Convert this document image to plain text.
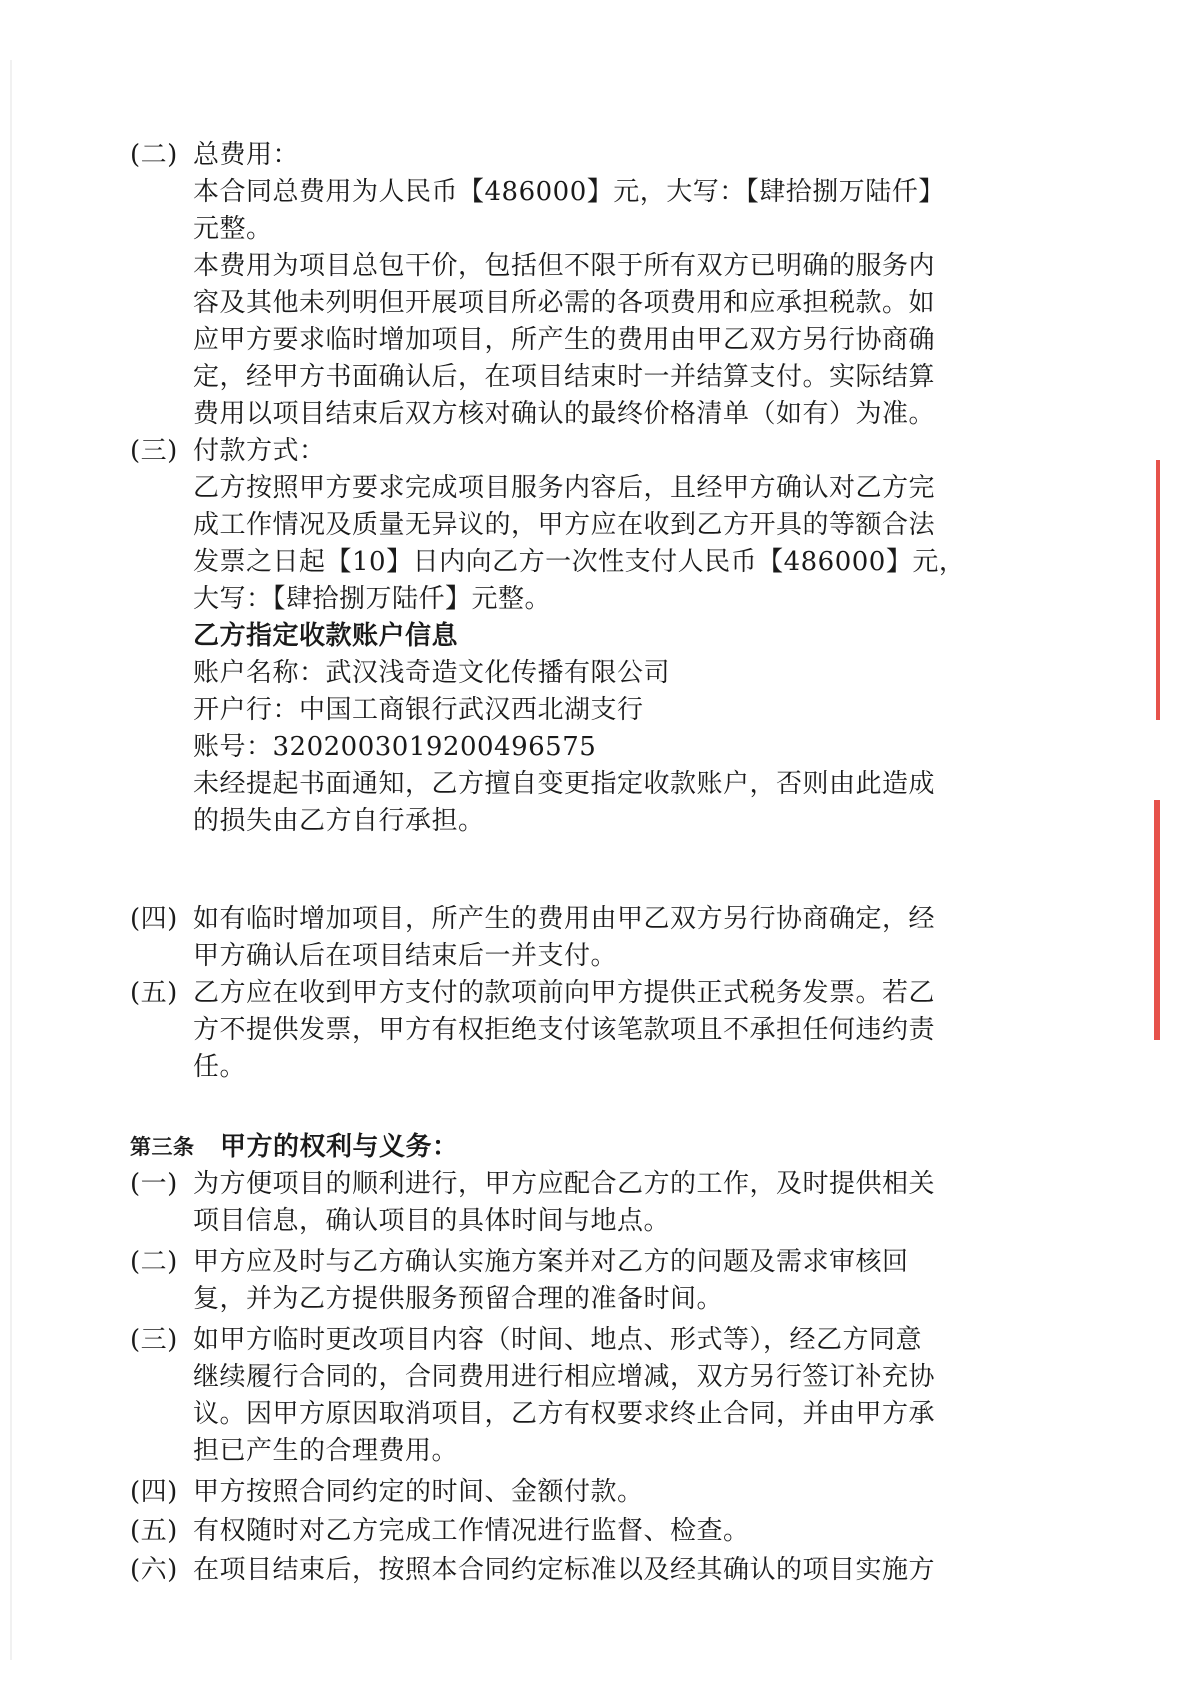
(二) 总费用：
本合同总费用为人民币【486000】元，大写：【肆拾捌万陆仟】
元整。
本费用为项目总包干价，包括但不限于所有双方已明确的服务内
容及其他未列明但开展项目所必需的各项费用和应承担税款。如
应甲方要求临时增加项目，所产生的费用由甲乙双方另行协商确
定，经甲方书面确认后，在项目结束时一并结算支付。实际结算
费用以项目结束后双方核对确认的最终价格清单（如有）为准。
(三) 付款方式：
乙方按照甲方要求完成项目服务内容后，且经甲方确认对乙方完
成工作情况及质量无异议的，甲方应在收到乙方开具的等额合法
发票之日起【10】日内向乙方一次性支付人民币【486000】元，
大写：【肆拾捌万陆仟】元整。
乙方指定收款账户信息
账户名称：武汉浅奇造文化传播有限公司
开户行：中国工商银行武汉西北湖支行
账号：3202003019200496575
未经提起书面通知，乙方擅自变更指定收款账户，否则由此造成
的损失由乙方自行承担。
(四) 如有临时增加项目，所产生的费用由甲乙双方另行协商确定，经
甲方确认后在项目结束后一并支付。
(五) 乙方应在收到甲方支付的款项前向甲方提供正式税务发票。若乙
方不提供发票，甲方有权拒绝支付该笔款项且不承担任何违约责
任。
第三条 甲方的权利与义务：
(一) 为方便项目的顺利进行，甲方应配合乙方的工作，及时提供相关
项目信息，确认项目的具体时间与地点。
(二) 甲方应及时与乙方确认实施方案并对乙方的问题及需求审核回
复，并为乙方提供服务预留合理的准备时间。
(三) 如甲方临时更改项目内容（时间、地点、形式等），经乙方同意
继续履行合同的，合同费用进行相应增减，双方另行签订补充协
议。因甲方原因取消项目，乙方有权要求终止合同，并由甲方承
担已产生的合理费用。
(四) 甲方按照合同约定的时间、金额付款。
(五) 有权随时对乙方完成工作情况进行监督、检查。
(六) 在项目结束后，按照本合同约定标准以及经其确认的项目实施方
